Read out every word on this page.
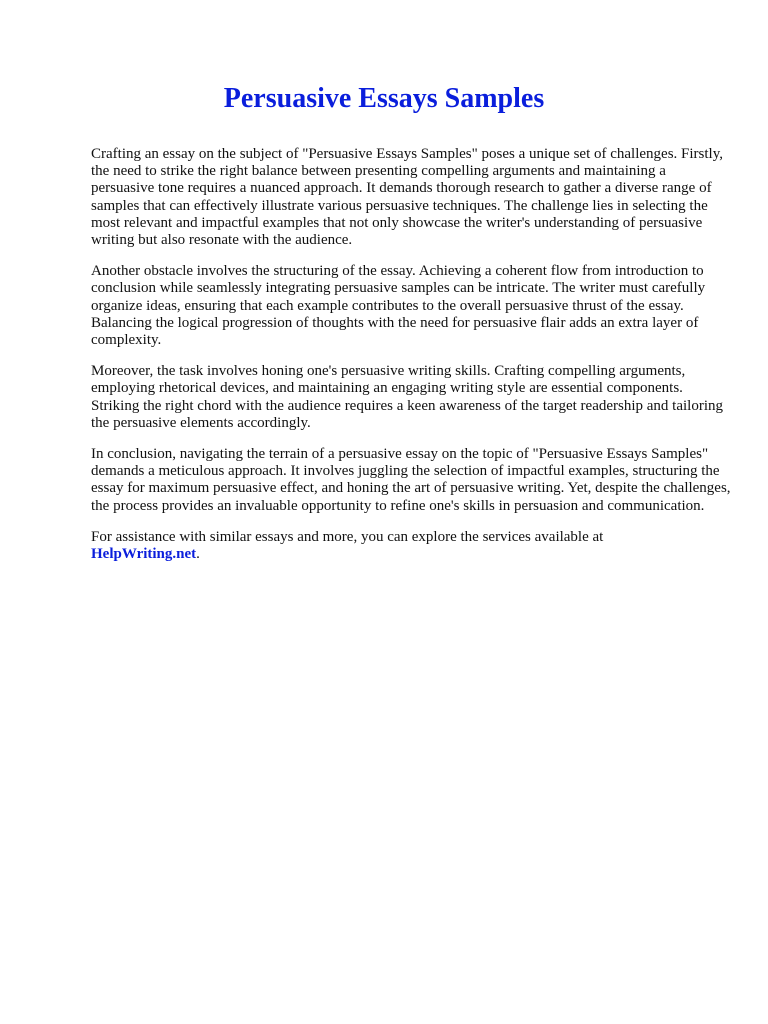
Persuasive Essays Samples

Crafting an essay on the subject of "Persuasive Essays Samples" poses a unique set of challenges. Firstly, the need to strike the right balance between presenting compelling arguments and maintaining a persuasive tone requires a nuanced approach. It demands thorough research to gather a diverse range of samples that can effectively illustrate various persuasive techniques. The challenge lies in selecting the most relevant and impactful examples that not only showcase the writer's understanding of persuasive writing but also resonate with the audience.

Another obstacle involves the structuring of the essay. Achieving a coherent flow from introduction to conclusion while seamlessly integrating persuasive samples can be intricate. The writer must carefully organize ideas, ensuring that each example contributes to the overall persuasive thrust of the essay. Balancing the logical progression of thoughts with the need for persuasive flair adds an extra layer of complexity.

Moreover, the task involves honing one's persuasive writing skills. Crafting compelling arguments, employing rhetorical devices, and maintaining an engaging writing style are essential components. Striking the right chord with the audience requires a keen awareness of the target readership and tailoring the persuasive elements accordingly.

In conclusion, navigating the terrain of a persuasive essay on the topic of "Persuasive Essays Samples" demands a meticulous approach. It involves juggling the selection of impactful examples, structuring the essay for maximum persuasive effect, and honing the art of persuasive writing. Yet, despite the challenges, the process provides an invaluable opportunity to refine one's skills in persuasion and communication.

For assistance with similar essays and more, you can explore the services available at
HelpWriting.net.
